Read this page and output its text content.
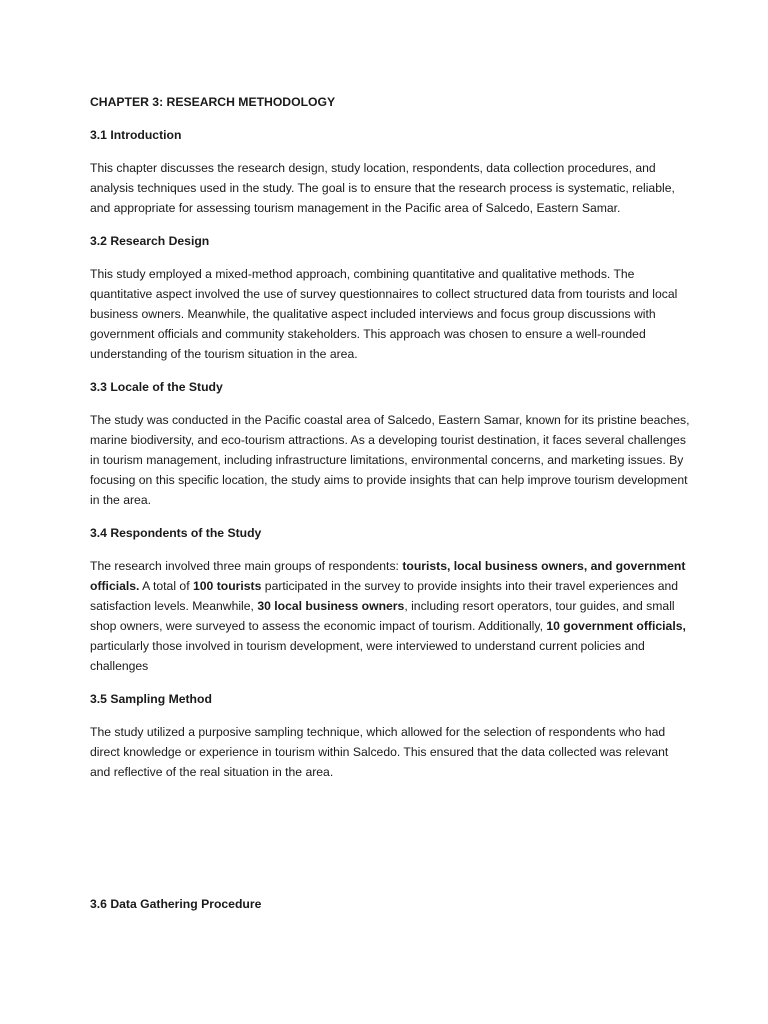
CHAPTER 3: RESEARCH METHODOLOGY

3.1 Introduction

This chapter discusses the research design, study location, respondents, data collection procedures, and analysis techniques used in the study. The goal is to ensure that the research process is systematic, reliable, and appropriate for assessing tourism management in the Pacific area of Salcedo, Eastern Samar.

3.2 Research Design

This study employed a mixed-method approach, combining quantitative and qualitative methods. The quantitative aspect involved the use of survey questionnaires to collect structured data from tourists and local business owners. Meanwhile, the qualitative aspect included interviews and focus group discussions with government officials and community stakeholders. This approach was chosen to ensure a well-rounded understanding of the tourism situation in the area.

3.3 Locale of the Study

The study was conducted in the Pacific coastal area of Salcedo, Eastern Samar, known for its pristine beaches, marine biodiversity, and eco-tourism attractions. As a developing tourist destination, it faces several challenges in tourism management, including infrastructure limitations, environmental concerns, and marketing issues. By focusing on this specific location, the study aims to provide insights that can help improve tourism development in the area.

3.4 Respondents of the Study

The research involved three main groups of respondents: tourists, local business owners, and government officials. A total of 100 tourists participated in the survey to provide insights into their travel experiences and satisfaction levels. Meanwhile, 30 local business owners, including resort operators, tour guides, and small shop owners, were surveyed to assess the economic impact of tourism. Additionally, 10 government officials, particularly those involved in tourism development, were interviewed to understand current policies and challenges

3.5 Sampling Method

The study utilized a purposive sampling technique, which allowed for the selection of respondents who had direct knowledge or experience in tourism within Salcedo. This ensured that the data collected was relevant and reflective of the real situation in the area.

3.6 Data Gathering Procedure
